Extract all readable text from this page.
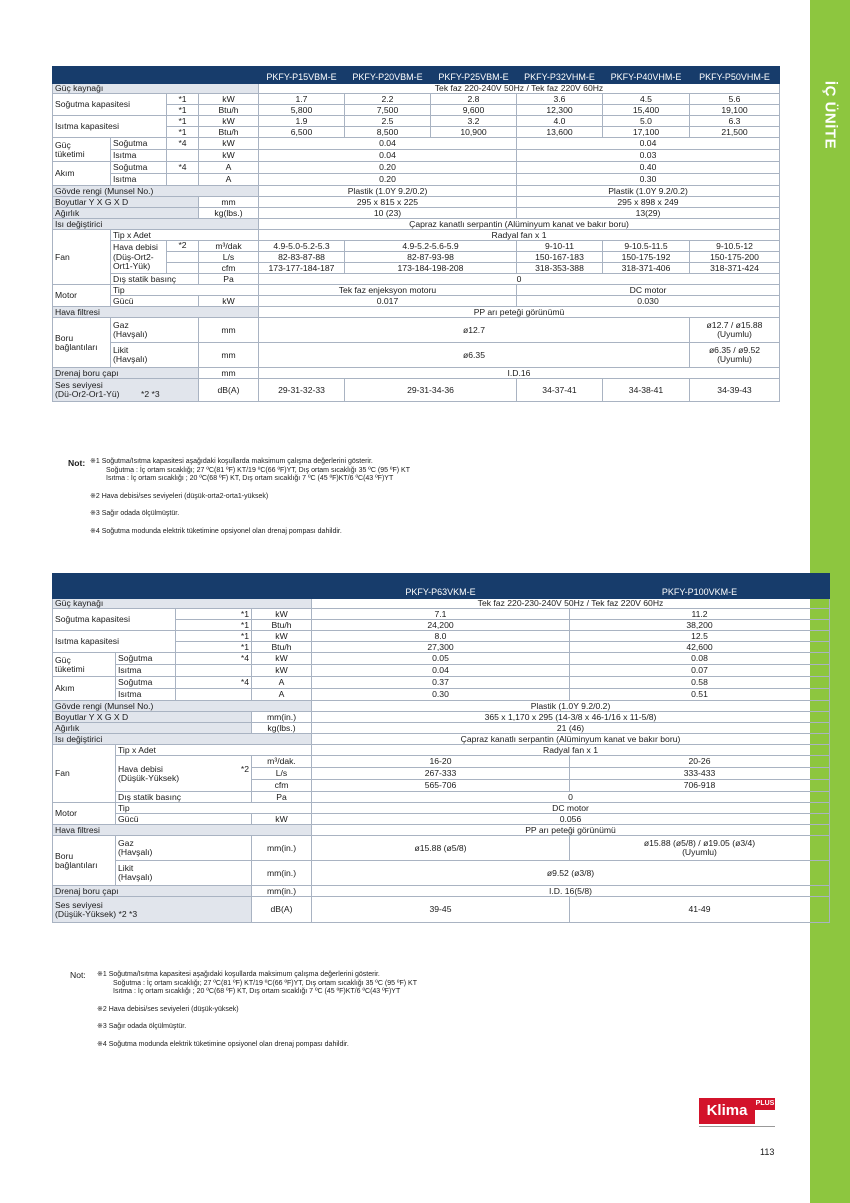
İÇ ÜNİTE
				PKFY-P15VBM-E	PKFY-P20VBM-E	PKFY-P25VBM-E	PKFY-P32VHM-E	PKFY-P40VHM-E	PKFY-P50VHM-E
Güç kaynağı				Tek faz 220-240V 50Hz / Tek faz 220V 60Hz					
Soğutma kapasitesi		*1	kW	1.7	2.2	2.8	3.6	4.5	5.6
		*1	Btu/h	5,800	7,500	9,600	12,300	15,400	19,100
Isıtma kapasitesi		*1	kW	1.9	2.5	3.2	4.0	5.0	6.3
		*1	Btu/h	6,500	8,500	10,900	13,600	17,100	21,500
Güç
tüketimi	Soğutma	*4	kW	0.04			0.04		
	Isıtma		kW	0.04			0.03		
Akım	Soğutma	*4	A	0.20			0.40		
	Isıtma		A	0.20			0.30		
Gövde rengi (Munsel No.)				Plastik (1.0Y 9.2/0.2)			Plastik (1.0Y 9.2/0.2)		
Boyutlar Y X G X D			mm	295 x 815 x 225			295 x 898 x 249		
Ağırlık			kg(lbs.)	10 (23)			13(29)		
Isı değiştirici				Çapraz kanatlı serpantin (Alüminyum kanat ve bakır boru)					
Fan	Tip x Adet			Radyal fan x 1					
	Hava debisi
(Düş-Ort2-Ort1-Yük)	*2	m³/dak	4.9-5.0-5.2-5.3	4.9-5.2-5.6-5.9		9-10-11	9-10.5-11.5	9-10.5-12
			L/s	82-83-87-88	82-87-93-98		150-167-183	150-175-192	150-175-200
			cfm	173-177-184-187	173-184-198-208		318-353-388	318-371-406	318-371-424
	Dış statik basınç		Pa	0					
Motor	Tip			Tek faz enjeksyon motoru			DC motor		
	Gücü		kW	0.017			0.030		
Hava filtresi				PP arı peteği görünümü					
Boru
bağlantıları	Gaz
(Havşalı)		mm	ø12.7					ø12.7 / ø15.88
(Uyumlu)
	Likit
(Havşalı)		mm	ø6.35					ø6.35 / ø9.52
(Uyumlu)
Drenaj boru çapı			mm	I.D.16					
Ses seviyesi
(Dü-Or2-Or1-Yü) *2 *3			dB(A)	29-31-32-33	29-31-34-36		34-37-41	34-38-41	34-39-43
Not: ※1 Soğutma/Isıtma kapasitesi aşağıdaki koşullarda maksimum çalışma değerlerini gösterir.
Soğutma : İç ortam sıcaklığı; 27 ºC(81 ºF) KT/19 ºC(66 ºF)YT, Dış ortam sıcaklığı 35 ºC (95 ºF) KT
Isıtma : İç ortam sıcaklığı ; 20 ºC(68 ºF) KT, Dış ortam sıcaklığı 7 ºC (45 ºF)KT/6 ºC(43 ºF)YT
※2 Hava debisi/ses seviyeleri (düşük-orta2-orta1-yüksek)
※3 Sağır odada ölçülmüştür.
※4 Soğutma modunda elektrik tüketimine opsiyonel olan drenaj pompası dahildir.
				PKFY-P63VKM-E	PKFY-P100VKM-E
Güç kaynağı				Tek faz 220-230-240V 50Hz / Tek faz 220V 60Hz	
Soğutma kapasitesi		*1	kW	7.1	11.2
		*1	Btu/h	24,200	38,200
Isıtma kapasitesi		*1	kW	8.0	12.5
		*1	Btu/h	27,300	42,600
Güç
tüketimi	Soğutma	*4	kW	0.05	0.08
	Isıtma		kW	0.04	0.07
Akım	Soğutma	*4	A	0.37	0.58
	Isıtma		A	0.30	0.51
Gövde rengi (Munsel No.)				Plastik (1.0Y 9.2/0.2)	
Boyutlar Y X G X D			mm(in.)	365 x 1,170 x 295 (14-3/8 x 46-1/16 x 11-5/8)	
Ağırlık			kg(lbs.)	21 (46)	
Isı değiştirici				Çapraz kanatlı serpantin (Alüminyum kanat ve bakır boru)	
Fan	Tip x Adet			Radyal fan x 1	
	Hava debisi *2

(Düşük-Yüksek)		m³/dak.	16-20	20-26
			L/s	267-333	333-433
			cfm	565-706	706-918
	Dış statik basınç		Pa	0	
Motor	Tip			DC motor	
	Gücü		kW	0.056	
Hava filtresi				PP arı peteği görünümü	
Boru
bağlantıları	Gaz
(Havşalı)		mm(in.)	ø15.88 (ø5/8)	ø15.88 (ø5/8) / ø19.05 (ø3/4)
(Uyumlu)
	Likit
(Havşalı)		mm(in.)	ø9.52 (ø3/8)	
Drenaj boru çapı			mm(in.)	I.D. 16(5/8)	
Ses seviyesi
(Düşük-Yüksek) *2 *3			dB(A)	39-45	41-49
Not: ※1 Soğutma/Isıtma kapasitesi aşağıdaki koşullarda maksimum çalışma değerlerini gösterir.
Soğutma : İç ortam sıcaklığı; 27 ºC(81 ºF) KT/19 ºC(66 ºF)YT, Dış ortam sıcaklığı 35 ºC (95 ºF) KT
Isıtma : İç ortam sıcaklığı ; 20 ºC(68 ºF) KT, Dış ortam sıcaklığı 7 ºC (45 ºF)KT/6 ºC(43 ºF)YT
※2 Hava debisi/ses seviyeleri (düşük-yüksek)
※3 Sağır odada ölçülmüştür.
※4 Soğutma modunda elektrik tüketimine opsiyonel olan drenaj pompası dahildir.
Klima	PLUS
113
